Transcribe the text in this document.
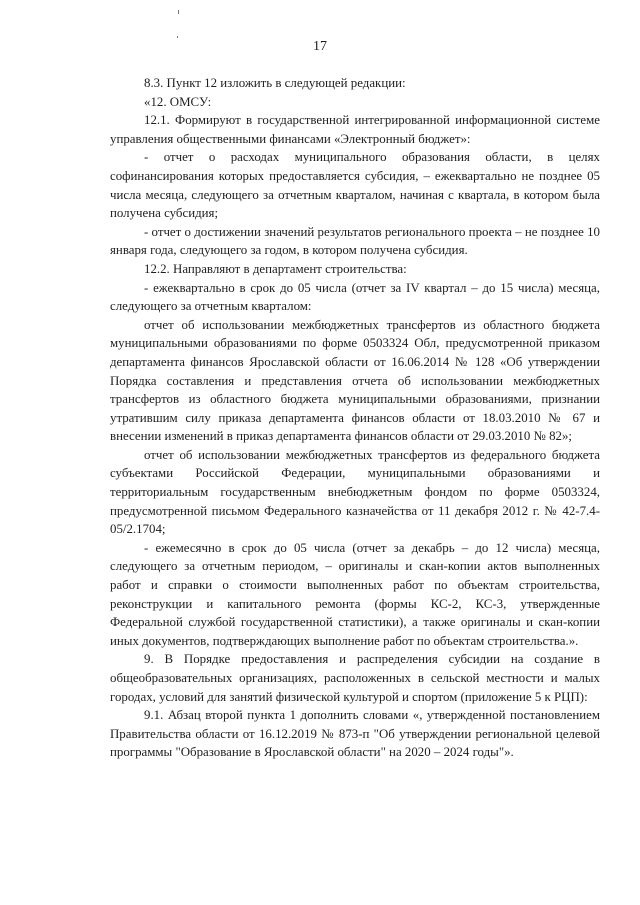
17

8.3. Пункт 12 изложить в следующей редакции:

«12. ОМСУ:

12.1. Формируют в государственной интегрированной информационной системе управления общественными финансами «Электронный бюджет»:

- отчет о расходах муниципального образования области, в целях софинансирования которых предоставляется субсидия, – ежеквартально не позднее 05 числа месяца, следующего за отчетным кварталом, начиная с квартала, в котором была получена субсидия;

- отчет о достижении значений результатов регионального проекта – не позднее 10 января года, следующего за годом, в котором получена субсидия.

12.2. Направляют в департамент строительства:

- ежеквартально в срок до 05 числа (отчет за IV квартал – до 15 числа) месяца, следующего за отчетным кварталом:

отчет об использовании межбюджетных трансфертов из областного бюджета муниципальными образованиями по форме 0503324 Обл, предусмотренной приказом департамента финансов Ярославской области от 16.06.2014 № 128 «Об утверждении Порядка составления и представления отчета об использовании межбюджетных трансфертов из областного бюджета муниципальными образованиями, признании утратившим силу приказа департамента финансов области от 18.03.2010 № 67 и внесении изменений в приказ департамента финансов области от 29.03.2010 № 82»;

отчет об использовании межбюджетных трансфертов из федерального бюджета субъектами Российской Федерации, муниципальными образованиями и территориальным государственным внебюджетным фондом по форме 0503324, предусмотренной письмом Федерального казначейства от 11 декабря 2012 г. № 42-7.4-05/2.1704;

- ежемесячно в срок до 05 числа (отчет за декабрь – до 12 числа) месяца, следующего за отчетным периодом, – оригиналы и скан-копии актов выполненных работ и справки о стоимости выполненных работ по объектам строительства, реконструкции и капитального ремонта (формы КС-2, КС-3, утвержденные Федеральной службой государственной статистики), а также оригиналы и скан-копии иных документов, подтверждающих выполнение работ по объектам строительства.».

9. В Порядке предоставления и распределения субсидии на создание в общеобразовательных организациях, расположенных в сельской местности и малых городах, условий для занятий физической культурой и спортом (приложение 5 к РЦП):

9.1. Абзац второй пункта 1 дополнить словами «, утвержденной постановлением Правительства области от 16.12.2019 № 873-п "Об утверждении региональной целевой программы "Образование в Ярославской области" на 2020 – 2024 годы"».
